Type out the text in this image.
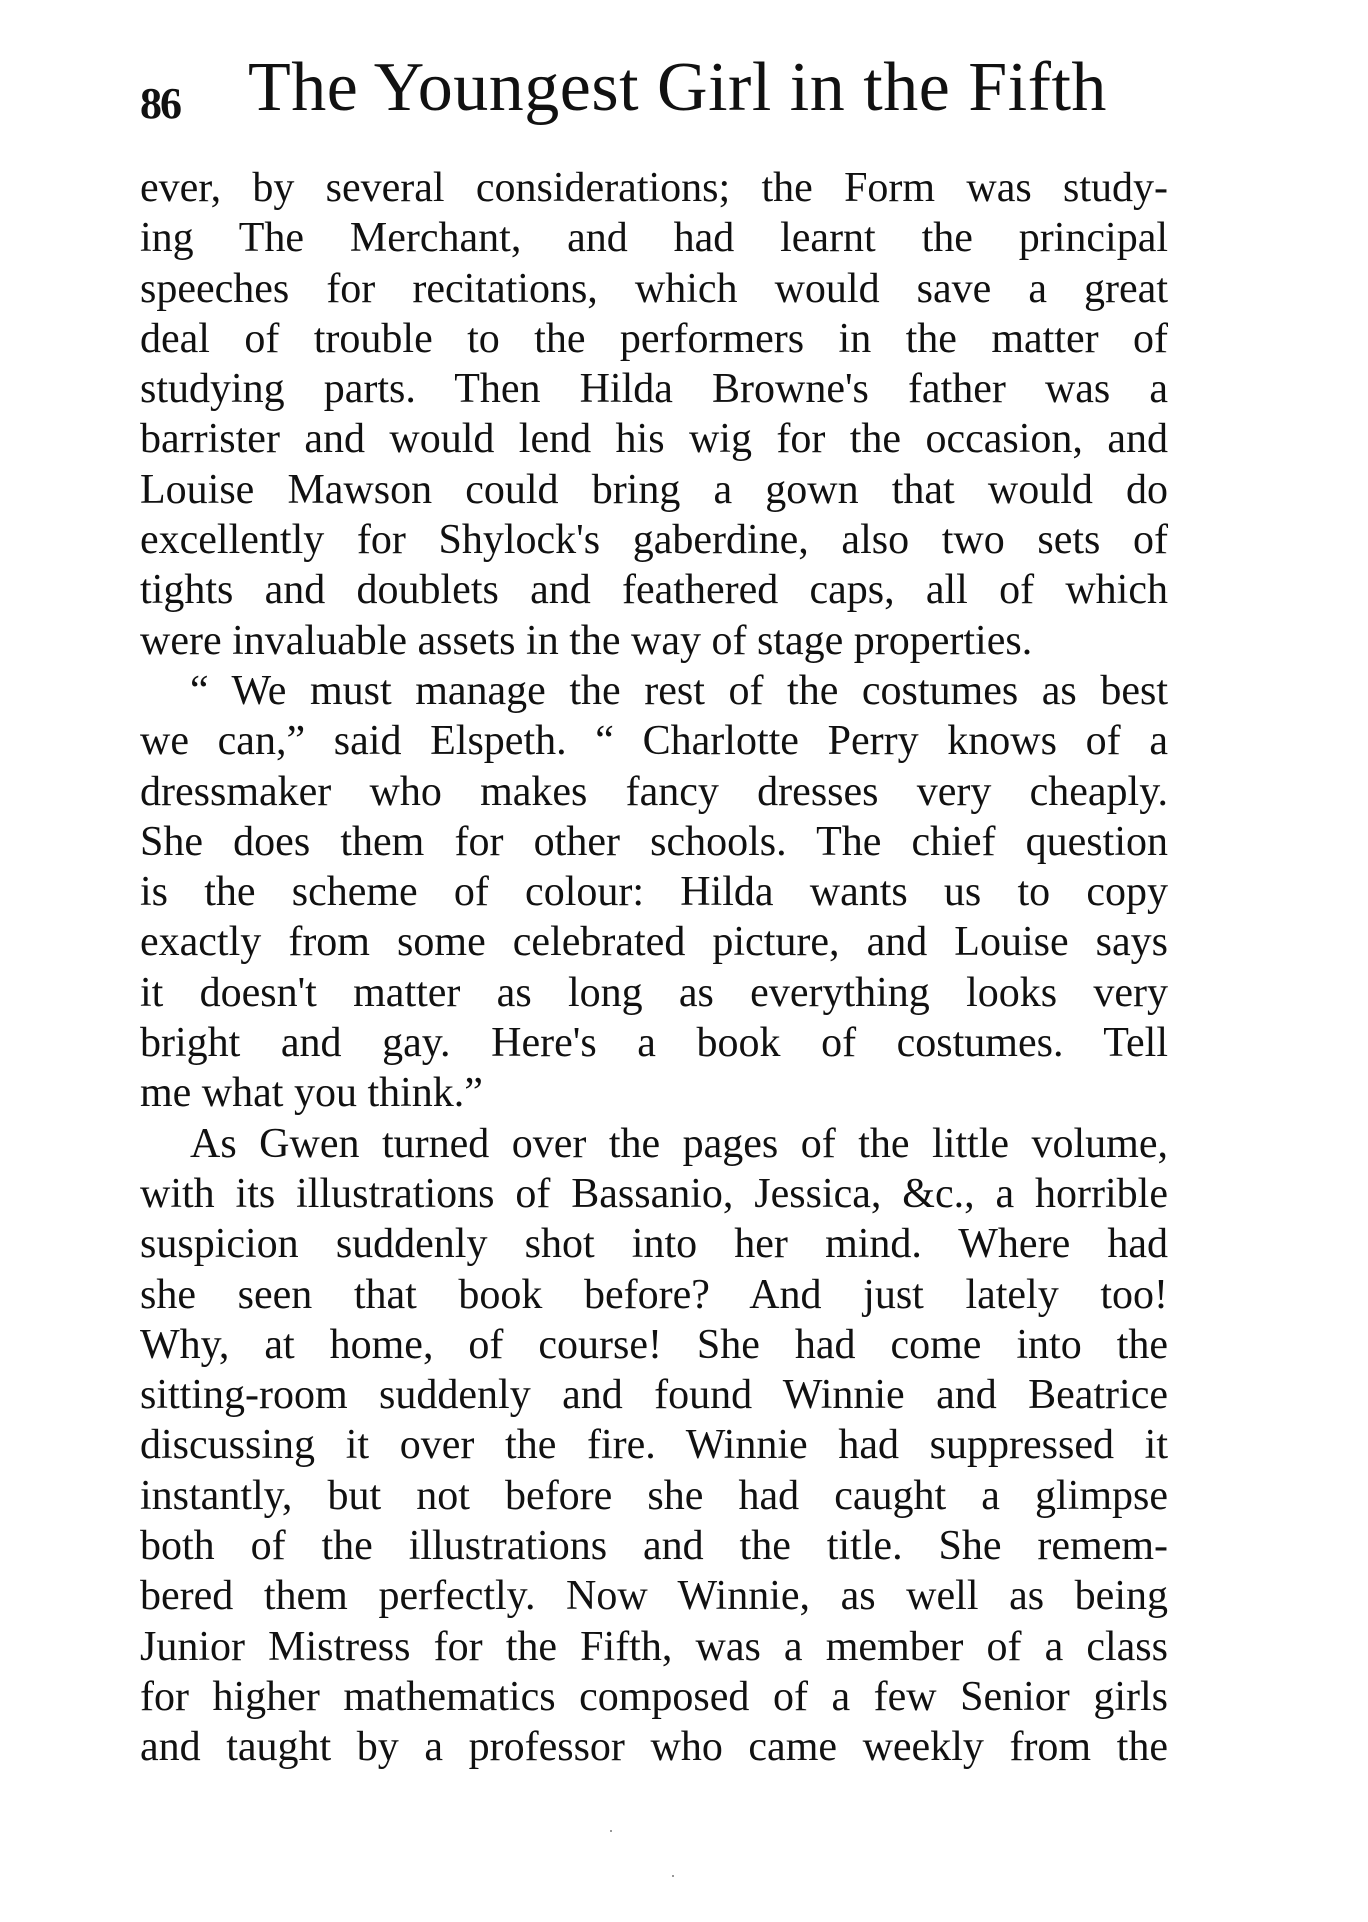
86 The Youngest Girl in the Fifth
ever, by several considerations; the Form was study-
ing The Merchant, and had learnt the principal
speeches for recitations, which would save a great
deal of trouble to the performers in the matter of
studying parts. Then Hilda Browne's father was a
barrister and would lend his wig for the occasion, and
Louise Mawson could bring a gown that would do
excellently for Shylock's gaberdine, also two sets of
tights and doublets and feathered caps, all of which
were invaluable assets in the way of stage properties.
“ We must manage the rest of the costumes as best
we can,” said Elspeth. “ Charlotte Perry knows of a
dressmaker who makes fancy dresses very cheaply.
She does them for other schools. The chief question
is the scheme of colour: Hilda wants us to copy
exactly from some celebrated picture, and Louise says
it doesn't matter as long as everything looks very
bright and gay. Here's a book of costumes. Tell
me what you think.”
As Gwen turned over the pages of the little volume,
with its illustrations of Bassanio, Jessica, &c., a horrible
suspicion suddenly shot into her mind. Where had
she seen that book before? And just lately too!
Why, at home, of course! She had come into the
sitting-room suddenly and found Winnie and Beatrice
discussing it over the fire. Winnie had suppressed it
instantly, but not before she had caught a glimpse
both of the illustrations and the title. She remem-
bered them perfectly. Now Winnie, as well as being
Junior Mistress for the Fifth, was a member of a class
for higher mathematics composed of a few Senior girls
and taught by a professor who came weekly from the
